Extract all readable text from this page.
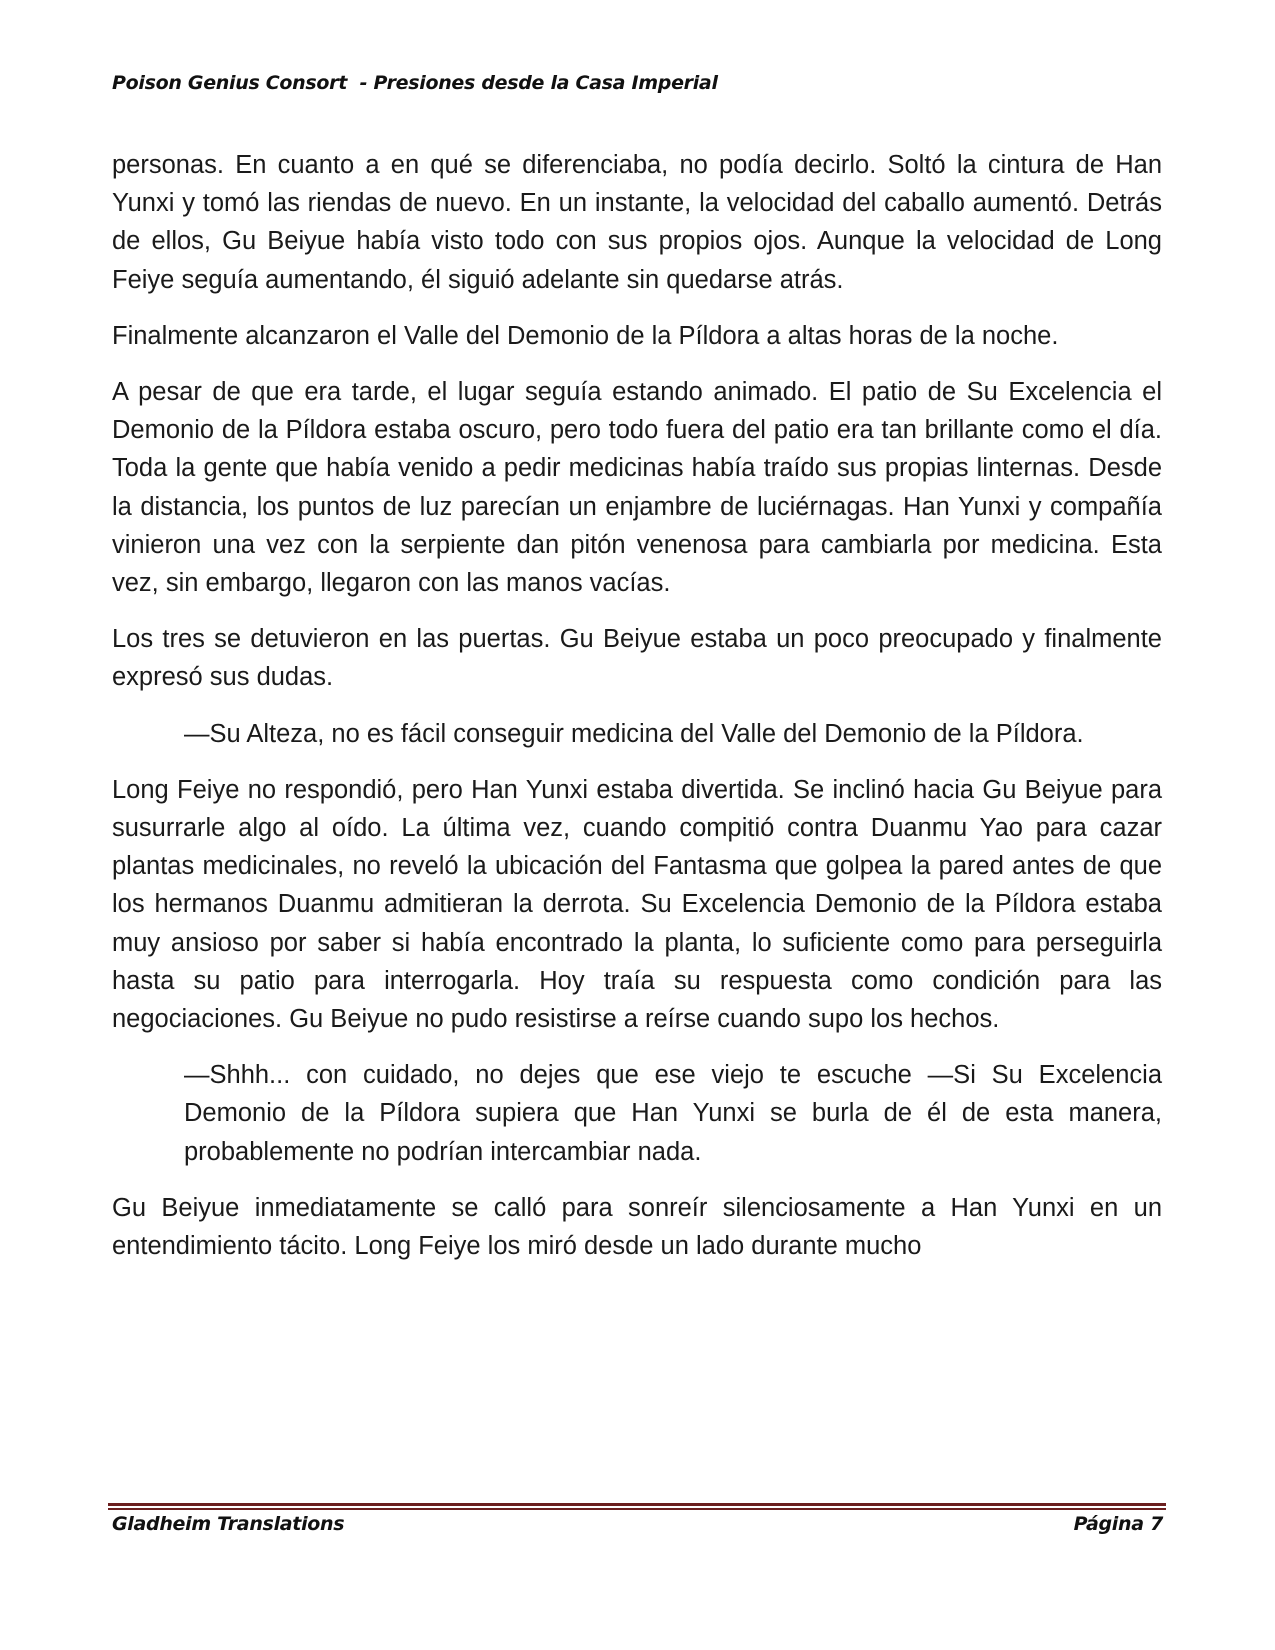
Poison Genius Consort  - Presiones desde la Casa Imperial

personas. En cuanto a en qué se diferenciaba, no podía decirlo. Soltó la cintura de Han Yunxi y tomó las riendas de nuevo. En un instante, la velocidad del caballo aumentó. Detrás de ellos, Gu Beiyue había visto todo con sus propios ojos. Aunque la velocidad de Long Feiye seguía aumentando, él siguió adelante sin quedarse atrás.

Finalmente alcanzaron el Valle del Demonio de la Píldora a altas horas de la noche.

A pesar de que era tarde, el lugar seguía estando animado. El patio de Su Excelencia el Demonio de la Píldora estaba oscuro, pero todo fuera del patio era tan brillante como el día. Toda la gente que había venido a pedir medicinas había traído sus propias linternas. Desde la distancia, los puntos de luz parecían un enjambre de luciérnagas. Han Yunxi y compañía vinieron una vez con la serpiente dan pitón venenosa para cambiarla por medicina. Esta vez, sin embargo, llegaron con las manos vacías.

Los tres se detuvieron en las puertas. Gu Beiyue estaba un poco preocupado y finalmente expresó sus dudas.

—Su Alteza, no es fácil conseguir medicina del Valle del Demonio de la Píldora.

Long Feiye no respondió, pero Han Yunxi estaba divertida. Se inclinó hacia Gu Beiyue para susurrarle algo al oído. La última vez, cuando compitió contra Duanmu Yao para cazar plantas medicinales, no reveló la ubicación del Fantasma que golpea la pared antes de que los hermanos Duanmu admitieran la derrota. Su Excelencia Demonio de la Píldora estaba muy ansioso por saber si había encontrado la planta, lo suficiente como para perseguirla hasta su patio para interrogarla. Hoy traía su respuesta como condición para las negociaciones. Gu Beiyue no pudo resistirse a reírse cuando supo los hechos.

—Shhh... con cuidado, no dejes que ese viejo te escuche —Si Su Excelencia Demonio de la Píldora supiera que Han Yunxi se burla de él de esta manera, probablemente no podrían intercambiar nada.

Gu Beiyue inmediatamente se calló para sonreír silenciosamente a Han Yunxi en un entendimiento tácito. Long Feiye los miró desde un lado durante mucho

Gladheim Translations	Página 7
